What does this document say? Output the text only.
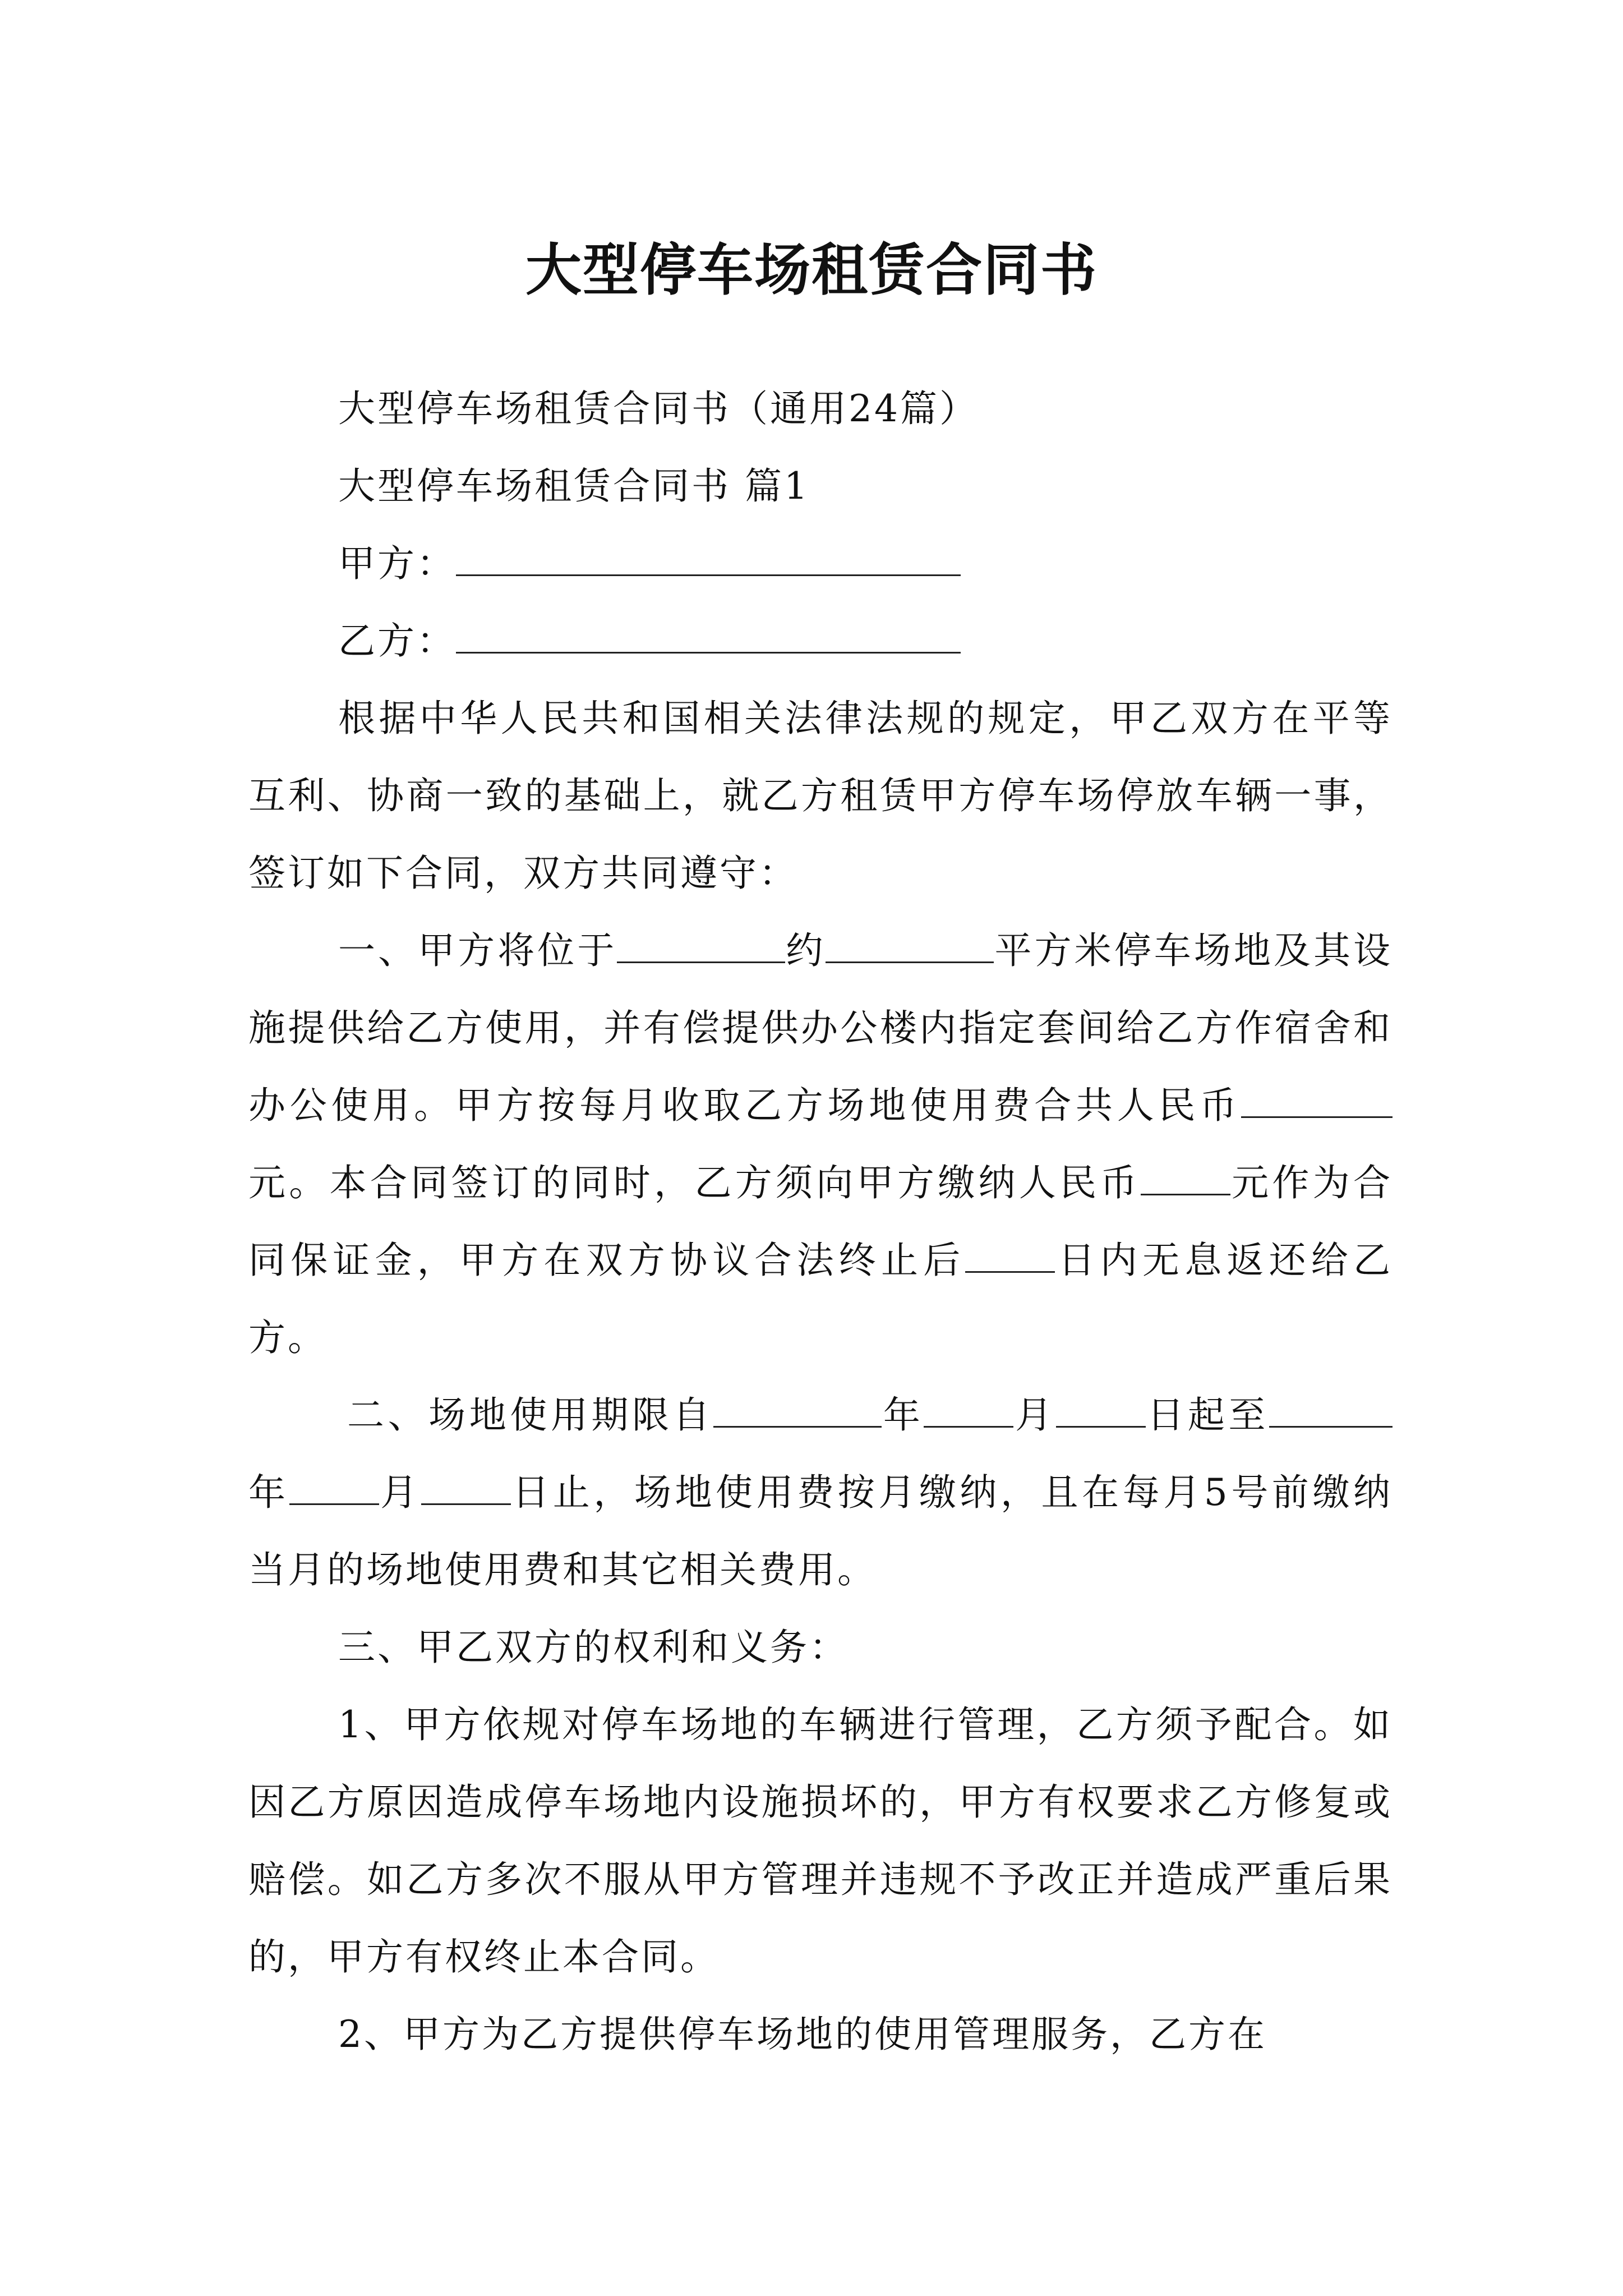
大型停车场租赁合同书

大型停车场租赁合同书（通用24篇）

大型停车场租赁合同书 篇1

甲方：

乙方：

根据中华人民共和国相关法律法规的规定，甲乙双方在平等互利、协商一致的基础上，就乙方租赁甲方停车场停放车辆一事，签订如下合同，双方共同遵守：

一、甲方将位于	约	平方米停车场地及其设施提供给乙方使用，并有偿提供办公楼内指定套间给乙方作宿舍和办公使用。甲方按每月收取乙方场地使用费合共人民币元。本合同签订的同时，乙方须向甲方缴纳人民币 元作为合同保证金，甲方在双方协议合法终止后 日内无息返还给乙方。

二、场地使用期限自	年 月 日起至年 月 日止，场地使用费按月缴纳，且在每月5号前缴纳当月的场地使用费和其它相关费用。

三、甲乙双方的权利和义务：

1、甲方依规对停车场地的车辆进行管理，乙方须予配合。如因乙方原因造成停车场地内设施损坏的，甲方有权要求乙方修复或赔偿。如乙方多次不服从甲方管理并违规不予改正并造成严重后果的，甲方有权终止本合同。

2、甲方为乙方提供停车场地的使用管理服务，乙方在
